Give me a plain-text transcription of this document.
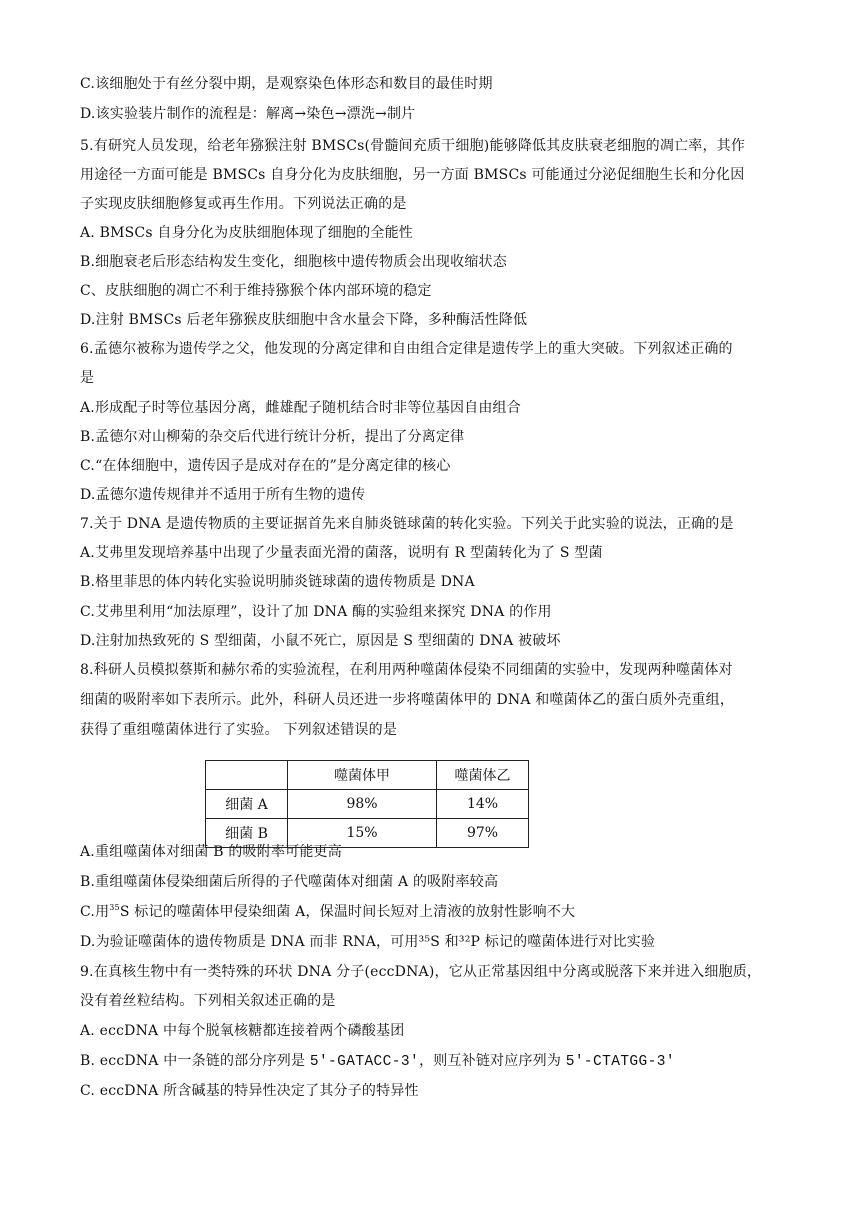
C.该细胞处于有丝分裂中期，是观察染色体形态和数目的最佳时期
D.该实验装片制作的流程是：解离→染色→漂洗→制片
5.有研究人员发现，给老年猕猴注射 BMSCs(骨髓间充质干细胞)能够降低其皮肤衰老细胞的凋亡率，其作
用途径一方面可能是 BMSCs 自身分化为皮肤细胞，另一方面 BMSCs 可能通过分泌促细胞生长和分化因
子实现皮肤细胞修复或再生作用。下列说法正确的是
A. BMSCs 自身分化为皮肤细胞体现了细胞的全能性
B.细胞衰老后形态结构发生变化，细胞核中遗传物质会出现收缩状态
C、皮肤细胞的凋亡不利于维持猕猴个体内部环境的稳定
D.注射 BMSCs 后老年猕猴皮肤细胞中含水量会下降，多种酶活性降低
6.孟德尔被称为遗传学之父，他发现的分离定律和自由组合定律是遗传学上的重大突破。下列叙述正确的
是
A.形成配子时等位基因分离，雌雄配子随机结合时非等位基因自由组合
B.孟德尔对山柳菊的杂交后代进行统计分析，提出了分离定律
C.“在体细胞中，遗传因子是成对存在的”是分离定律的核心
D.孟德尔遗传规律并不适用于所有生物的遗传
7.关于 DNA 是遗传物质的主要证据首先来自肺炎链球菌的转化实验。下列关于此实验的说法，正确的是
A.艾弗里发现培养基中出现了少量表面光滑的菌落，说明有 R 型菌转化为了 S 型菌
B.格里菲思的体内转化实验说明肺炎链球菌的遗传物质是 DNA
C.艾弗里利用“加法原理”，设计了加 DNA 酶的实验组来探究 DNA 的作用
D.注射加热致死的 S 型细菌，小鼠不死亡，原因是 S 型细菌的 DNA 被破坏
8.科研人员模拟蔡斯和赫尔希的实验流程，在利用两种噬菌体侵染不同细菌的实验中，发现两种噬菌体对
细菌的吸附率如下表所示。此外，科研人员还进一步将噬菌体甲的 DNA 和噬菌体乙的蛋白质外壳重组，
获得了重组噬菌体进行了实验。 下列叙述错误的是
A.重组噬菌体对细菌 B 的吸附率可能更高
B.重组噬菌体侵染细菌后所得的子代噬菌体对细菌 A 的吸附率较高
D.为验证噬菌体的遗传物质是 DNA 而非 RNA，可用³⁵S 和³²P 标记的噬菌体进行对比实验
9.在真核生物中有一类特殊的环状 DNA 分子(eccDNA)，它从正常基因组中分离或脱落下来并进入细胞质，
没有着丝粒结构。下列相关叙述正确的是
A. eccDNA 中每个脱氧核糖都连接着两个磷酸基团
C. eccDNA 所含碱基的特异性决定了其分子的特异性
C.用$^{35}$S 标记的噬菌体甲侵染细菌 A，保温时间长短对上清液的放射性影响不大
B. eccDNA 中一条链的部分序列是 5′-GATACC-3′，则互补链对应序列为 5′-CTATGG-3′
	噬菌体甲	噬菌体乙
细菌 A	98%	14%
细菌 B	15%	97%
